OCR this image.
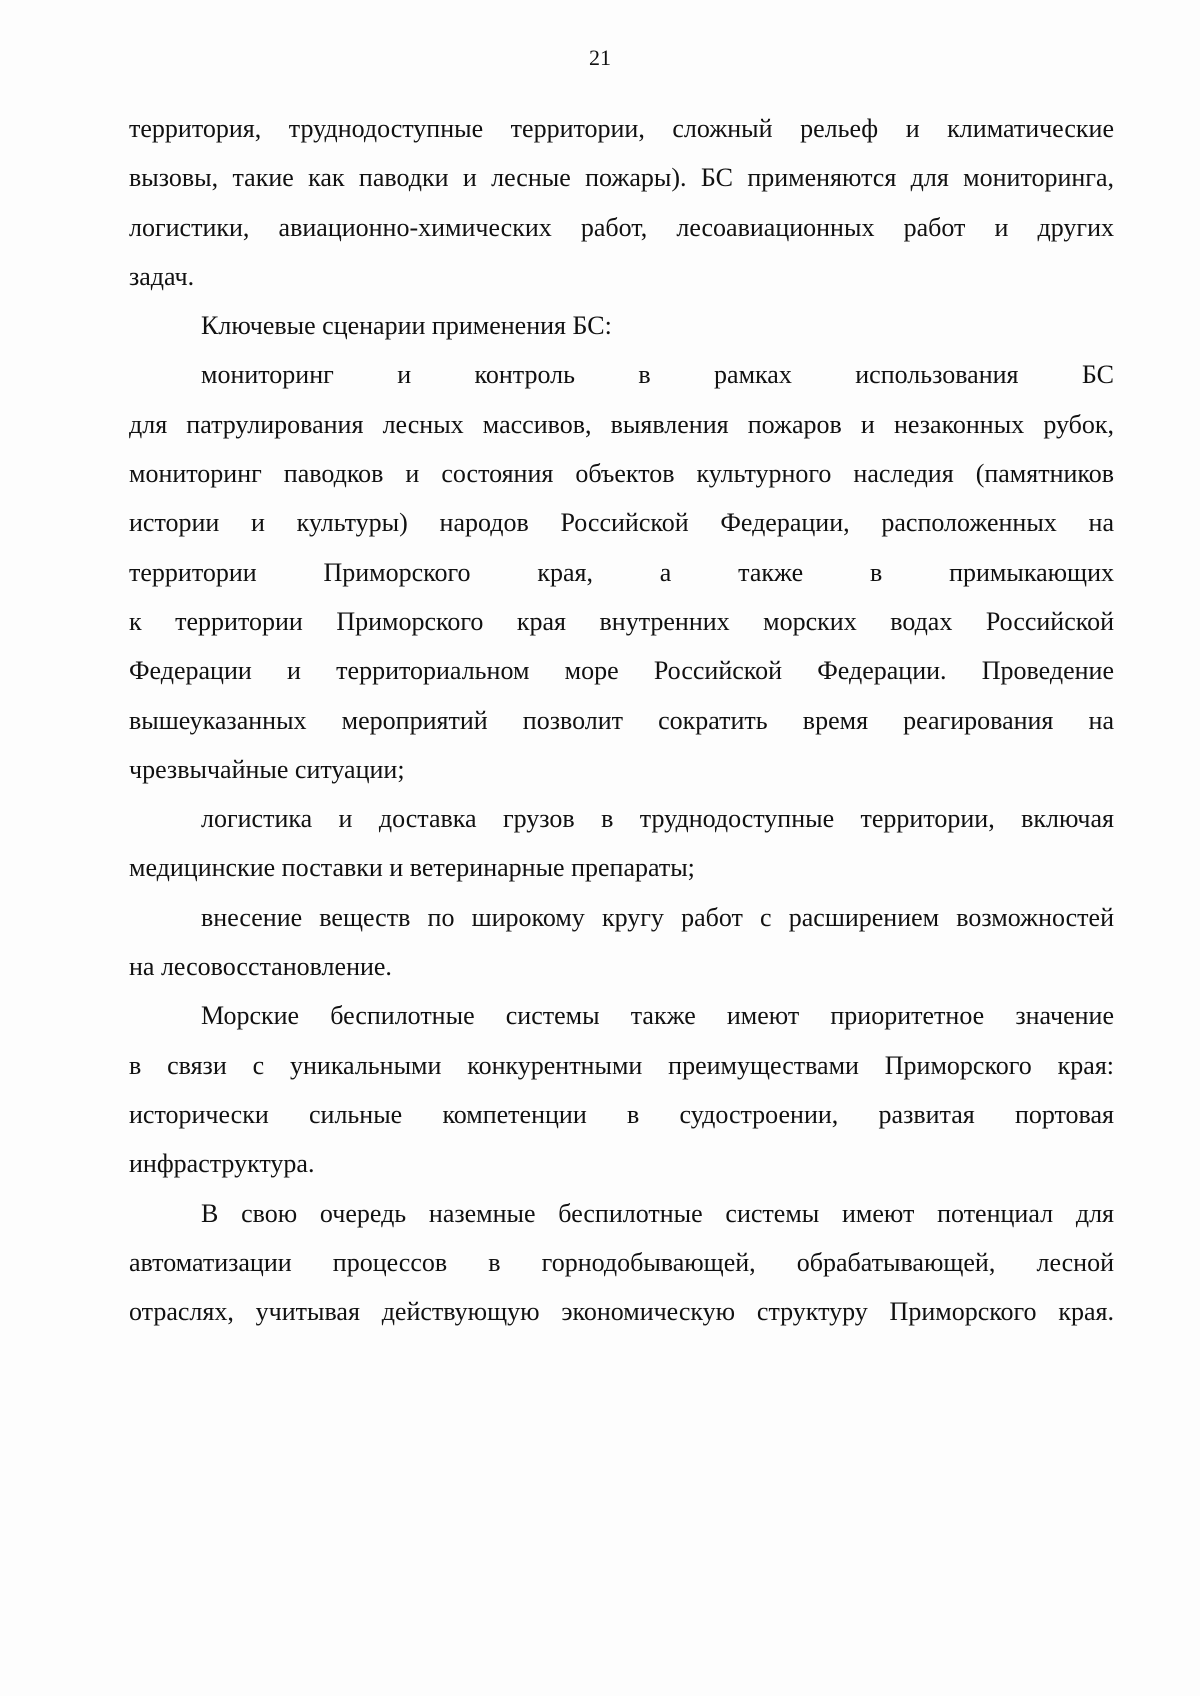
21

территория, труднодоступные территории, сложный рельеф и климатические
вызовы, такие как паводки и лесные пожары). БС применяются для мониторинга,
логистики, авиационно-химических работ, лесоавиационных работ и других
задач.

Ключевые сценарии применения БС:

мониторинг и контроль в рамках использования БС
для патрулирования лесных массивов, выявления пожаров и незаконных рубок,
мониторинг паводков и состояния объектов культурного наследия (памятников
истории и культуры) народов Российской Федерации, расположенных на
территории Приморского края, а также в примыкающих
к территории Приморского края внутренних морских водах Российской
Федерации и территориальном море Российской Федерации. Проведение
вышеуказанных мероприятий позволит сократить время реагирования на
чрезвычайные ситуации;

логистика и доставка грузов в труднодоступные территории, включая
медицинские поставки и ветеринарные препараты;

внесение веществ по широкому кругу работ с расширением возможностей
на лесовосстановление.

Морские беспилотные системы также имеют приоритетное значение
в связи с уникальными конкурентными преимуществами Приморского края:
исторически сильные компетенции в судостроении, развитая портовая
инфраструктура.

В свою очередь наземные беспилотные системы имеют потенциал для
автоматизации процессов в горнодобывающей, обрабатывающей, лесной
отраслях, учитывая действующую экономическую структуру Приморского края.
